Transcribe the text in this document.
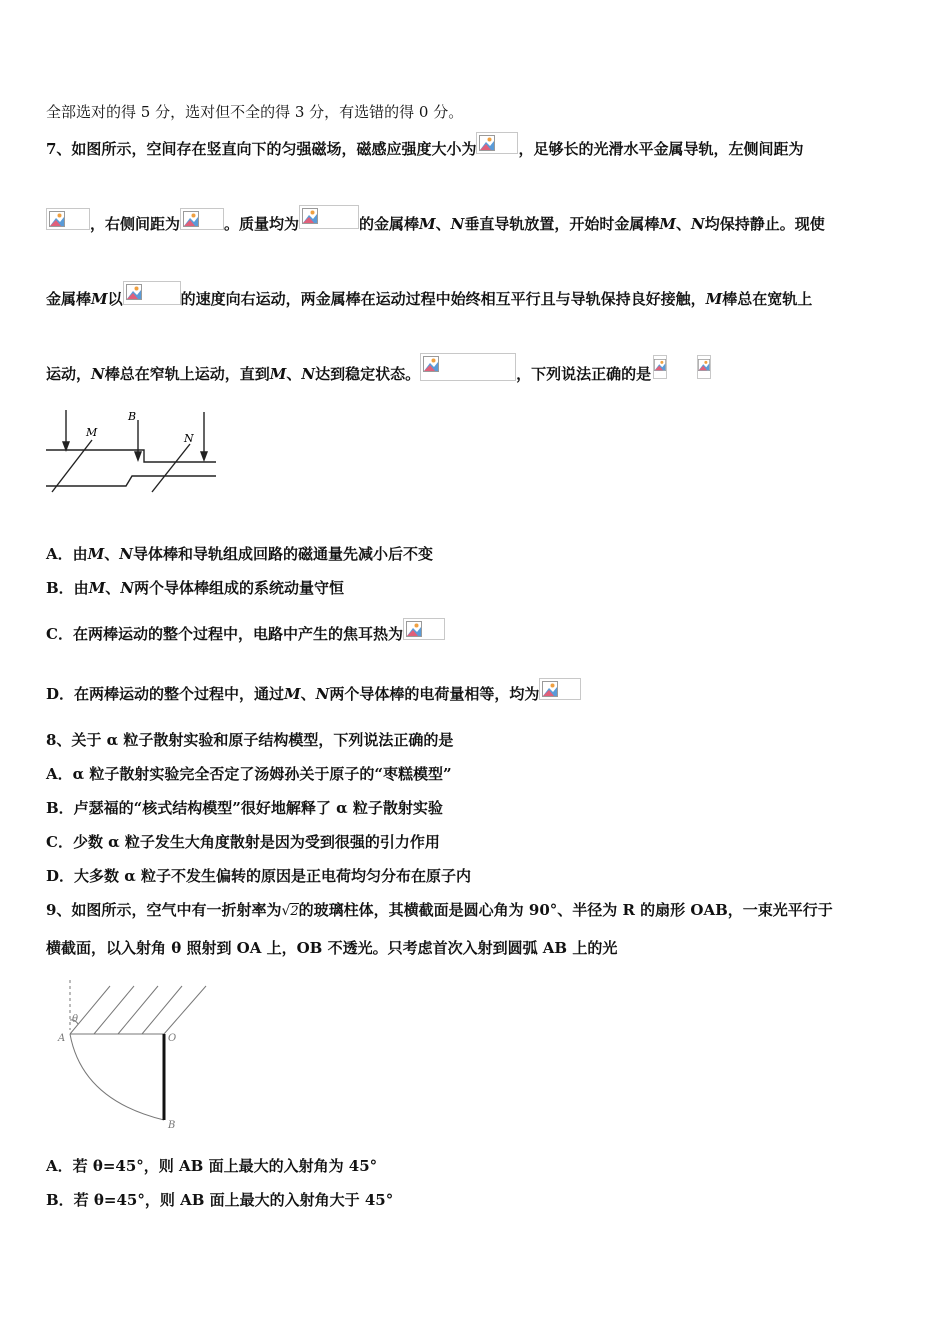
全部选对的得 5 分，选对但不全的得 3 分，有选错的得 0 分。
7、如图所示，空间存在竖直向下的匀强磁场，磁感应强度大小为	，足够长的光滑水平金属导轨，左侧间距为
，右侧间距为	。质量均为	的金属棒M、N垂直导轨放置，开始时金属棒M、N均保持静止。现使
金属棒M以	的速度向右运动，两金属棒在运动过程中始终相互平行且与导轨保持良好接触，M棒总在宽轨上
运动，N棒总在窄轨上运动，直到M、N达到稳定状态。	，下列说法正确的是
M
B
N
A．由M、N导体棒和导轨组成回路的磁通量先减小后不变
B．由M、N两个导体棒组成的系统动量守恒
C．在两棒运动的整个过程中，电路中产生的焦耳热为
D．在两棒运动的整个过程中，通过M、N两个导体棒的电荷量相等，均为
8、关于 α 粒子散射实验和原子结构模型，下列说法正确的是
A．α 粒子散射实验完全否定了汤姆孙关于原子的“枣糕模型”
B．卢瑟福的“核式结构模型”很好地解释了 α 粒子散射实验
C．少数 α 粒子发生大角度散射是因为受到很强的引力作用
D．大多数 α 粒子不发生偏转的原因是正电荷均匀分布在原子内
9、如图所示，空气中有一折射率为√2的玻璃柱体，其横截面是圆心角为 90°、半径为 R 的扇形 OAB，一束光平行于
横截面，以入射角 θ 照射到 OA 上，OB 不透光。只考虑首次入射到圆弧 AB 上的光
θ
A	O
B
A．若 θ=45°，则 AB 面上最大的入射角为 45°
B．若 θ=45°，则 AB 面上最大的入射角大于 45°
